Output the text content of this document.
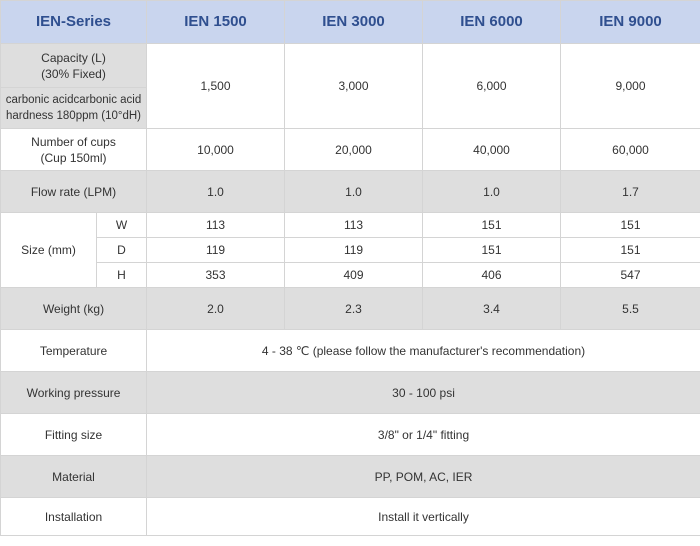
IEN-Series		IEN 1500	IEN 3000	IEN 6000	IEN 9000

Capacity (L)
(30% Fixed)		1,500	3,000	6,000	9,000

carbonic acidcarbonic acid
hardness 180ppm (10°dH)					

Number of cups
(Cup 150ml)		10,000	20,000	40,000	60,000
Flow rate (LPM)		1.0	1.0	1.0	1.7
Size (mm)	W	113	113	151	151
	D	119	119	151	151
	H	353	409	406	547
Weight (kg)		2.0	2.3	3.4	5.5
Temperature		4 - 38 ℃ (please follow the manufacturer's recommendation)			
Working pressure		30 - 100 psi			
Fitting size		3/8" or 1/4" fitting			
Material		PP, POM, AC, IER			
Installation		Install it vertically			
